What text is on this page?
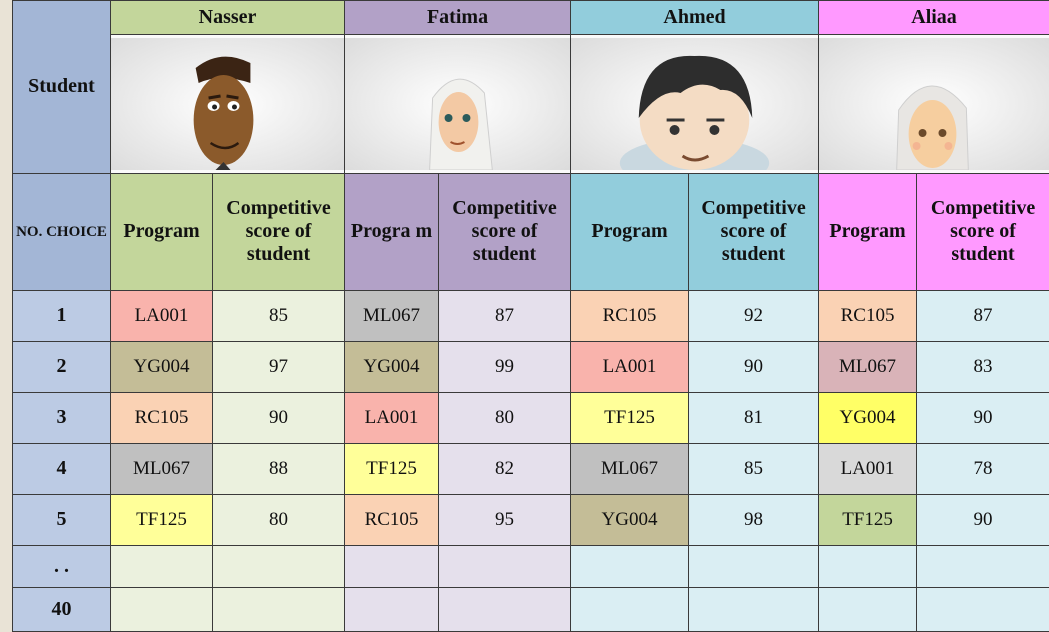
Student	Nasser		Fatima		Ahmed		Aliaa	

NO. CHOICE	Program	Competitive score of student	Progra m	Competitive score of student	Program	Competitive score of student	Program	Competitive score of student
1	LA001	85	ML067	87	RC105	92	RC105	87
2	YG004	97	YG004	99	LA001	90	ML067	83
3	RC105	90	LA001	80	TF125	81	YG004	90
4	ML067	88	TF125	82	ML067	85	LA001	78
5	TF125	80	RC105	95	YG004	98	TF125	90
. .								
40								
